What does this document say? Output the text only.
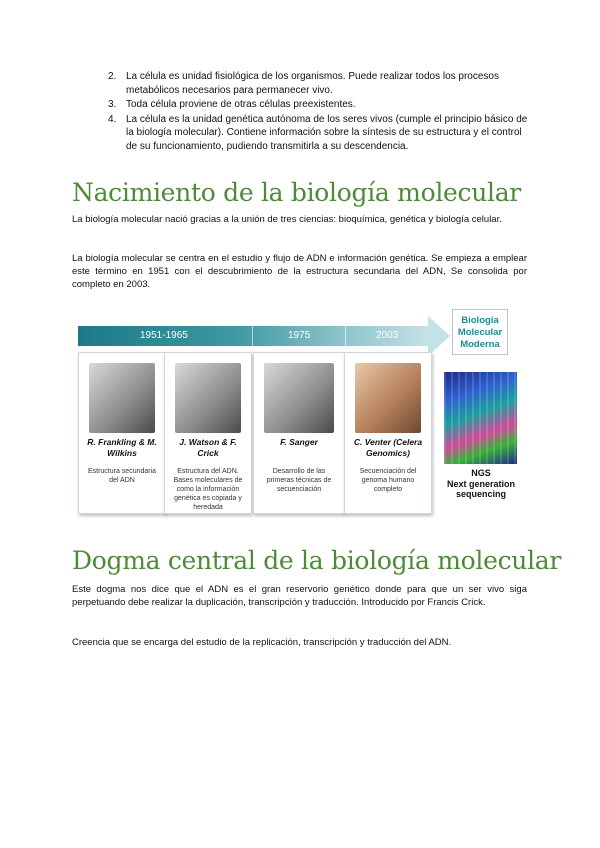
2. La célula es unidad fisiológica de los organismos. Puede realizar todos los procesos metabólicos necesarios para permanecer vivo.
3. Toda célula proviene de otras células preexistentes.
4. La célula es la unidad genética autónoma de los seres vivos (cumple el principio básico de la biología molecular). Contiene información sobre la síntesis de su estructura y el control de su funcionamiento, pudiendo transmitirla a su descendencia.
Nacimiento de la biología molecular

La biología molecular nació gracias a la unión de tres ciencias: bioquímica, genética y biología celular.

La biología molecular se centra en el estudio y flujo de ADN e información genética. Se empieza a emplear este término en 1951 con el descubrimiento de la estructura secundaria del ADN, Se consolida por completo en 2003.

1951-1965	1975	2003
R. Frankling & M. Wilkins
Estructura secundaria del ADN
J. Watson & F. Crick
Estructura del ADN. Bases moleculares de como la información genética es copiada y heredada
F. Sanger
Desarrollo de las primeras técnicas de secuenciación
C. Venter (Celera Genomics)
Secuenciación del genoma humano completo
Biología Molecular Moderna
NGS
Next generation sequencing
Dogma central de la biología molecular

Este dogma nos dice que el ADN es el gran reservorio genético donde para que un ser vivo siga perpetuando debe realizar la duplicación, transcripción y traducción. Introducido por Francis Crick.

Creencia que se encarga del estudio de la replicación, transcripción y traducción del ADN.
